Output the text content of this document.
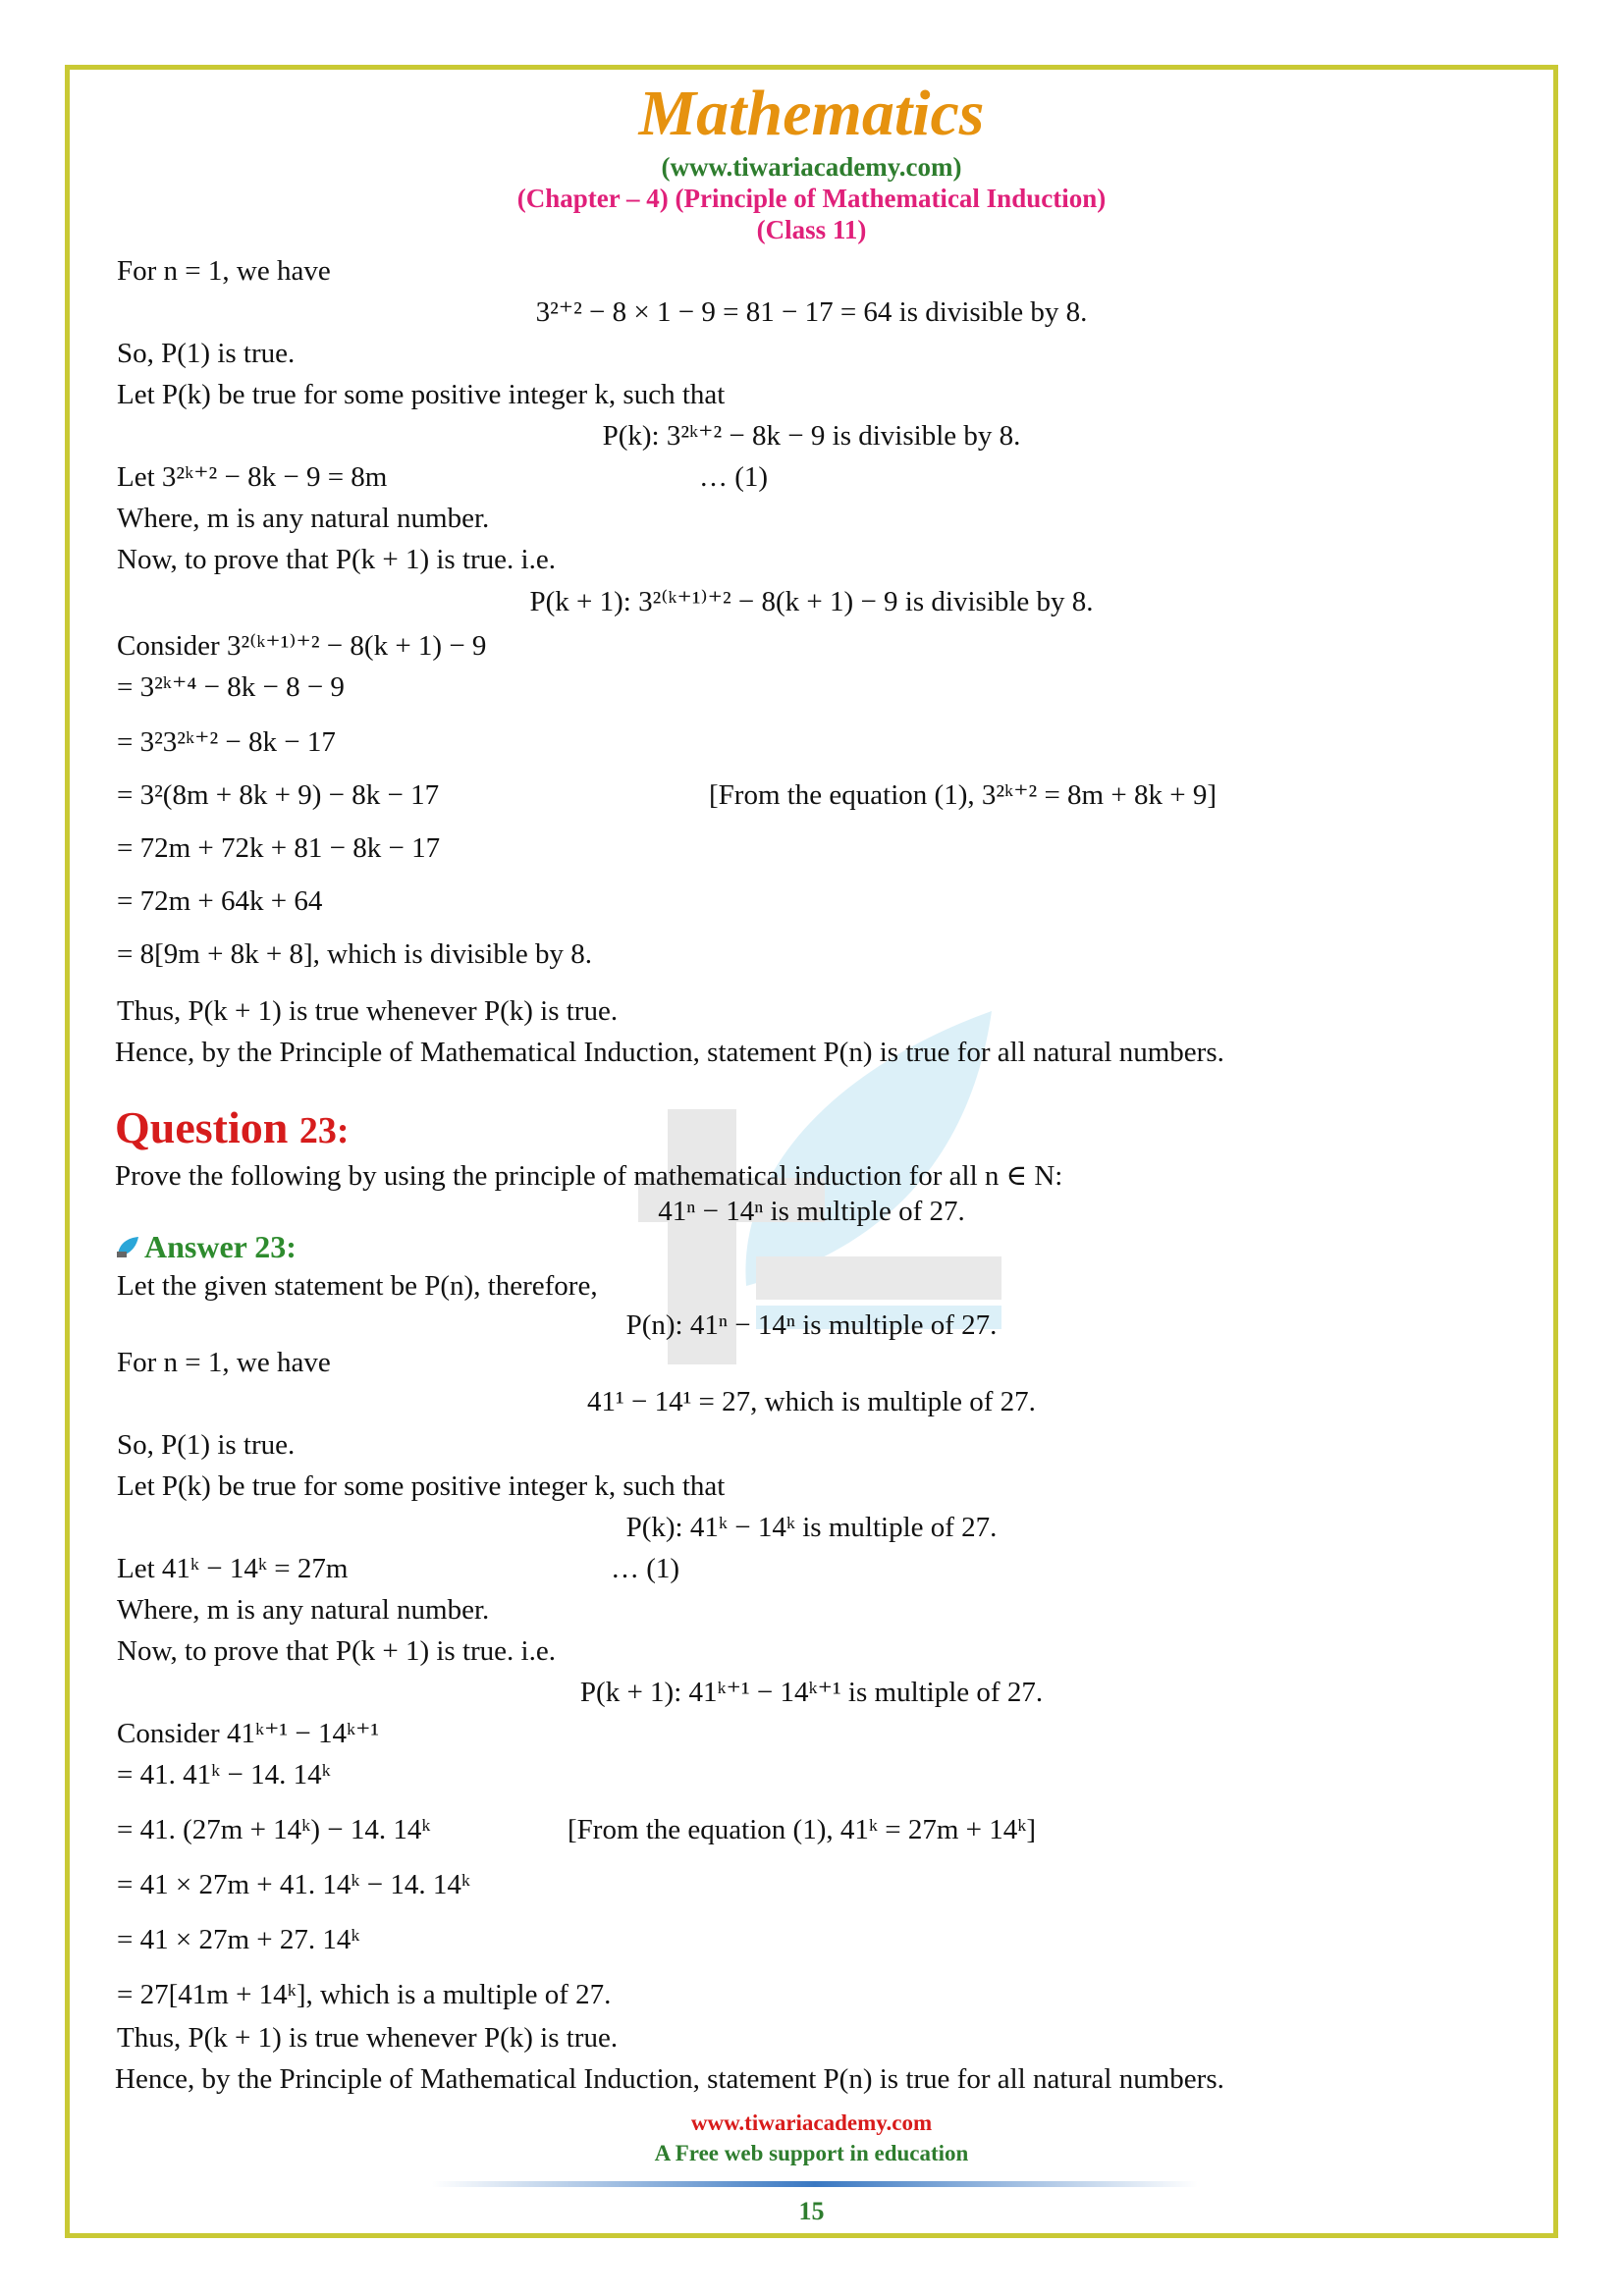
Mathematics
(www.tiwariacademy.com)
(Chapter – 4) (Principle of Mathematical Induction)
(Class 11)
For n = 1, we have
3²⁺² − 8 × 1 − 9 = 81 − 17 = 64 is divisible by 8.
So, P(1) is true.
Let P(k) be true for some positive integer k, such that
P(k): 3²ᵏ⁺² − 8k − 9 is divisible by 8.
Let 3²ᵏ⁺² − 8k − 9 = 8m	… (1)
Where, m is any natural number.
Now, to prove that P(k + 1) is true. i.e.
P(k + 1): 3²⁽ᵏ⁺¹⁾⁺² − 8(k + 1) − 9 is divisible by 8.
Consider 3²⁽ᵏ⁺¹⁾⁺² − 8(k + 1) − 9
= 3²ᵏ⁺⁴ − 8k − 8 − 9
= 3²3²ᵏ⁺² − 8k − 17
= 3²(8m + 8k + 9) − 8k − 17	[From the equation (1), 3²ᵏ⁺² = 8m + 8k + 9]
= 72m + 72k + 81 − 8k − 17
= 72m + 64k + 64
= 8[9m + 8k + 8], which is divisible by 8.
Thus, P(k + 1) is true whenever P(k) is true.
Hence, by the Principle of Mathematical Induction, statement P(n) is true for all natural numbers.
Question 23:
Prove the following by using the principle of mathematical induction for all n ∈ N:
41ⁿ − 14ⁿ is multiple of 27.
Answer 23:
Let the given statement be P(n), therefore,
P(n): 41ⁿ − 14ⁿ is multiple of 27.
For n = 1, we have
41¹ − 14¹ = 27, which is multiple of 27.
So, P(1) is true.
Let P(k) be true for some positive integer k, such that
P(k): 41ᵏ − 14ᵏ is multiple of 27.
Let 41ᵏ − 14ᵏ = 27m	… (1)
Where, m is any natural number.
Now, to prove that P(k + 1) is true. i.e.
P(k + 1): 41ᵏ⁺¹ − 14ᵏ⁺¹ is multiple of 27.
Consider 41ᵏ⁺¹ − 14ᵏ⁺¹
= 41. 41ᵏ − 14. 14ᵏ
= 41. (27m + 14ᵏ) − 14. 14ᵏ	[From the equation (1), 41ᵏ = 27m + 14ᵏ]
= 41 × 27m + 41. 14ᵏ − 14. 14ᵏ
= 41 × 27m + 27. 14ᵏ
= 27[41m + 14ᵏ], which is a multiple of 27.
Thus, P(k + 1) is true whenever P(k) is true.
Hence, by the Principle of Mathematical Induction, statement P(n) is true for all natural numbers.
www.tiwariacademy.com
A Free web support in education
15
